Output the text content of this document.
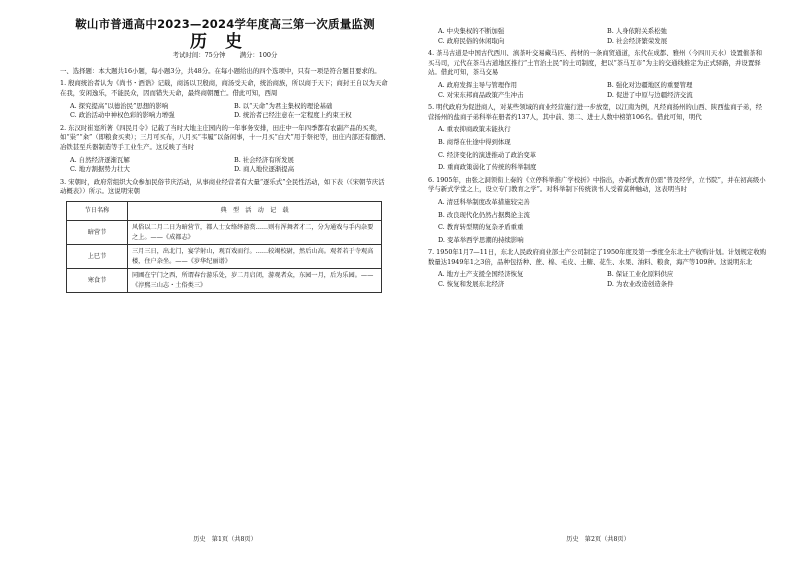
鞍山市普通高中2023—2024学年度高三第一次质量监测
历史
考试时间：75分钟 满分：100分

一、选择题：本大题共16小题，每小题3分，共48分。在每小题给出的四个选项中，只有一项是符合题目要求的。

1. 殷商统治者认为《尚书・酒诰》记载，商汤以卫殷商，商汤受天命，统治商族，所以商于天下；商封王自以为天命在我，安闲逸乐，不能民众，因而错失天命，最终商朝覆亡。借此可知，西周

A. 探究提高“以德治民”思想的影响	B. 以“天命”为君主集权的理论基础
C. 政治活动中神权色彩的影响力增强	D. 统治者已经注意在一定程度上约束王权

2. 东汉时崔寔所著《四民月令》记载了当时大地主庄园内的一年事务安排，田庄中一年四季都有农副产品的买卖，如“粜”“籴”（即粮食买卖）；三月可买布，八月买“韦履”以备闲事，十一月买“白犬”用于祭祀等，田庄内部还有酿酒、冶铁甚至兵器制造等手工业生产。这反映了当时

A. 自然经济逐渐瓦解	B. 社会经济有所发展
C. 地方割据势力壮大	D. 商人地位逐渐提高

3. 宋朝时，政府常组织大众参加民俗节庆活动，从事商业经营者有大量“逐乐式”全民性活动，如下表（《宋朝节庆活动概表》）所示。这说明宋朝

节日名称	典　型　活　动　记　载
暗营节	风俗以二月二日为暗营节，都人士女络绎游赏……则有浑舞者才二，分为通戏与手内杂要之上。——《成都志》
上巳节	三月三日，出北门，宴学射山，观百戏而行。……较竭校尉，然后山高。观者若于寺观高楼，住户杂坐。——《岁华纪丽谱》
寒食节	同圃在宁门之西，所谓春台游乐处，岁二月启闭，游观者众，东园一月，后为乐园。——《淳熙三山志・土俗类三》
历史　第1页（共8页）
A. 中央集权的不断加强	B. 人身依附关系松弛
C. 政府民俗的休闲取向	D. 社会经济繁荣发展

4. 茶马古道是中国古代西川、滇茶叶交易藏马匹、药材的一条商贸通道，东代在成都、雅州（今四川天水）设置催茶和买马司，元代在茶马古道地区推行“土官治土民”的土司制度，把以“茶马互市”为主的交通线推定为正式驿路，并设置驿站。借此可知，茶马交易

A. 政府发挥主导与管理作用	B. 强化对边疆地区的重要管理
C. 对宋东邦商品政策产生冲击	D. 促进了中原与边疆经济交流

5. 明代政府为促进商人，对某些领域的商业经营施行进一步放宽，以江南为例，凡经商扬州的山西、陕西盐商子弟，经营扬州的盐商子弟科举在册者约137人，其中前、第二、进士人数中榜第106名。借此可知，明代

A. 重农抑商政策未能执行
B. 商帮在仕途中得到体现
C. 经济变化的演进推动了政治变革
D. 重商政策弱化了传统的科举制度

6. 1905年，由张之洞领衔上奏的《立停科举推广学校折》中指出，办新式教育仍需“普及经学，立书院”，并在初高级小学与新式学堂之上，设立专门教育之学”。对科举制下传统读书人受着莫种触动，这表明当时

A. 清廷科举制度改革措施较完善
B. 改良现代化仍然占据舆论主流
C. 教育转型期的复杂矛盾重重
D. 变革举西学思潮的持续影响

7. 1950年1月7—11日，东北人民政府商业部土产公司制定了1950年度及第一季度全东北土产收购计划。计划规定收购数量达1949年1之3倍，品种包括种、蔗、棉、毛皮、土糖、花生、水果、油料、粮食，海产等109种。这说明东北

A. 地方土产支援全国经济恢复	B. 保证工业化原料供应
C. 恢复和发展东北经济	D. 为农业改造创造条件
历史　第2页（共8页）
